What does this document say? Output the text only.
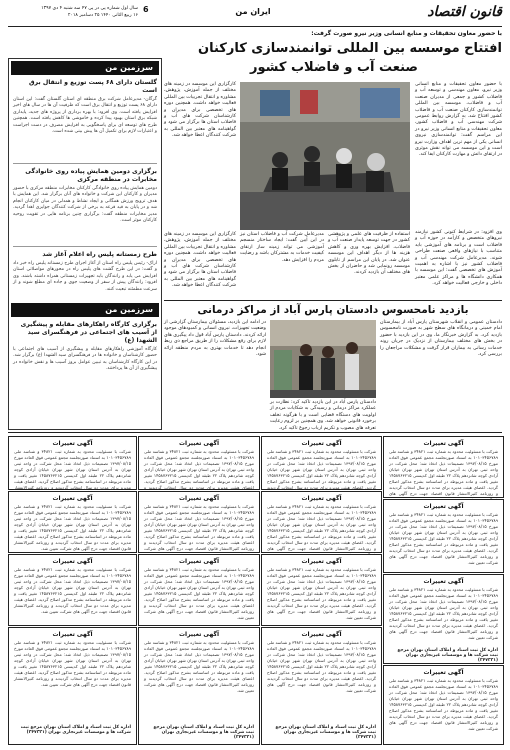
قانون اقتصاد
ایران من
سال اول شماره پی در پی ۴۷ سه شنبه ۴ دی ۱۳۹۷
۱۶ ربیع الثانی ۱۴۴۰ ۲۵ دسامبر ۲۰۱۸
6
سرزمین من
گلستان دارای ۶۸ پست توزیع و انتقال برق است
گرگان- مدیرعامل شرکت برق منطقه ای استان گلستان گفت: این استان دارای ۶۸ پست توزیع و انتقال برق است که ظرفیت آن ها در سال های اخیر افزایش یافته است. وی افزود: با بهره برداری از پروژه های جدید، پایداری شبکه برق استان بهبود پیدا کرده و خاموشی ها کاهش یافته است. همچنین طرح های توسعه ای برای پاسخگویی به افزایش مصرف در دست اجراست و اعتبارات لازم برای تکمیل آن ها پیش بینی شده است.
برگزاری دومین همایش پیاده روی خانوادگی مخابرات در منطقه مرکزی
دومین همایش پیاده روی خانوادگی کارکنان مخابرات منطقه مرکزی با حضور مدیران و کارکنان این شرکت و خانواده های آنان برگزار شد. این همایش با هدف ترویج ورزش همگانی و ایجاد نشاط و همدلی در میان کارکنان انجام شد و در پایان به قید قرعه به برخی از شرکت کنندگان جوایزی اهدا گردید. مدیر مخابرات منطقه گفت: برگزاری چنین برنامه هایی در تقویت روحیه کارکنان موثر است.
طرح زمستانه پلیس راه اعلام آغاز شد
اراک- رئیس پلیس راه استان از آغاز اجرای طرح زمستانه پلیس راه خبر داد و گفت: در این طرح گشت های پلیس راه در محورهای مواصلاتی استان افزایش می یابد و رانندگان باید تجهیزات زمستانی همراه داشته باشند. وی افزود: رانندگان پیش از سفر از وضعیت جوی و جاده ای مطلع شوند و از سرعت مطمئنه تبعیت کنند.
سرزمین من
برگزاری کارگاه راهکارهای مقابله و پیشگیری از آسیب های اجتماعی در فرهنگسرای سید الشهدا (ع)
کارگاه آموزشی راهکارهای مقابله و پیشگیری از آسیب های اجتماعی با حضور کارشناسان و خانواده ها در فرهنگسرای سید الشهدا (ع) برگزار شد. در این کارگاه کارشناسان به تبیین عوامل بروز آسیب ها و نقش خانواده در پیشگیری از آن ها پرداختند.
با حضور معاون تحقیقات و منابع انسانی وزیر نیرو صورت گرفت:
افتتاح موسسه بین المللی توانمندسازی کارکنان
صنعت آب و فاضلاب کشور
با حضور معاون تحقیقات و منابع انسانی وزیر نیرو، معاون مهندسی و توسعه آب و فاضلاب کشور و جمعی از مدیران صنعت آب و فاضلاب، موسسه بین المللی توانمندسازی کارکنان صنعت آب و فاضلاب کشور افتتاح شد. به گزارش روابط عمومی شرکت مهندسی آب و فاضلاب کشور، معاون تحقیقات و منابع انسانی وزیر نیرو در این مراسم گفت: توانمندسازی نیروی انسانی یکی از مهم ترین اهداف وزارت نیرو است و این موسسه می تواند نقش موثری در ارتقای دانش و مهارت کارکنان ایفا کند.
کارگزاری این موسسه در زمینه های مختلف از جمله آموزش، پژوهش، مشاوره و انتقال تجربیات بین المللی فعالیت خواهد داشت. همچنین دوره های تخصصی برای مدیران و کارشناسان شرکت های آب و فاضلاب استان ها برگزار می شود و گواهینامه های معتبر بین المللی به شرکت کنندگان اعطا خواهد شد.
وی افزود: در شرایط کنونی کشور نیازمند نیروهای متخصص و کارآمد در حوزه آب و فاضلاب است و برنامه های آموزشی باید متناسب با نیازهای واقعی صنعت طراحی شوند. مدیرعامل شرکت مهندسی آب و فاضلاب کشور نیز با اشاره به اهمیت آموزش های تخصصی گفت: این موسسه با همکاری دانشگاه ها و مراکز علمی معتبر داخلی و خارجی فعالیت خواهد کرد.
استفاده از ظرفیت های علمی و پژوهشی کشور در جهت توسعه پایدار صنعت آب و فاضلاب، افزایش بهره وری و کاهش هزینه ها از دیگر اهداف این موسسه عنوان شد. در پایان این مراسم از تابلوی موسسه رونمایی شد و حاضران از بخش های مختلف آن بازدید کردند.
مدیرعامل شرکت آب و فاضلاب استان نیز در این آیین گفت: ایجاد ساختار منسجم آموزشی می تواند زمینه ساز ارتقای کیفیت خدمات به مشترکان باشد و رضایت مردم را افزایش دهد.
کارگزاری این موسسه در زمینه های مختلف از جمله آموزش، پژوهش، مشاوره و انتقال تجربیات بین المللی فعالیت خواهد داشت. همچنین دوره های تخصصی برای مدیران و کارشناسان شرکت های آب و فاضلاب استان ها برگزار می شود و گواهینامه های معتبر بین المللی به شرکت کنندگان اعطا خواهد شد.
بازدید نامحسوس دادستان پارس آباد از مراکز درمانی
دادستان عمومی و انقلاب شهرستان پارس آباد از بیمارستان امام خمینی و درمانگاه های سطح شهر به صورت نامحسوس بازدید کرد. به گزارش خبرنگار ما، وی در این بازدید با حضور در بخش های مختلف بیمارستان از نزدیک در جریان روند خدمات رسانی به بیماران قرار گرفت و مشکلات مراجعان را بررسی کرد.
دادستان پارس آباد در این بازدید تاکید کرد: نظارت بر عملکرد مراکز درمانی و رسیدگی به شکایات مردم از اولویت های دستگاه قضایی است و با هرگونه تخلف برخورد قانونی خواهد شد. وی همچنین بر لزوم رعایت تعرفه های مصوب و تکریم ارباب رجوع تاکید کرد.
در ادامه این بازدید، مسئولان بیمارستان گزارشی از وضعیت تجهیزات، نیروی انسانی و کمبودهای موجود ارائه کردند. دادستان پارس آباد قول داد پیگیری های لازم برای رفع مشکلات را از طریق مراجع ذی ربط انجام دهد تا خدمات بهتری به مردم منطقه ارائه شود.
آگهی تغییرات
شرکت با مسئولیت محدود به شماره ثبت ۳۴۸۲۱ و شناسه ملی ۱۰۱۰۳۴۵۶۷۸۹ به استناد صورتجلسه مجمع عمومی فوق العاده مورخ ۱۳۹۷/۰۸/۱۵ تصمیمات ذیل اتخاذ شد: محل شرکت در واحد ثبتی تهران به آدرس استان تهران شهر تهران خیابان آزادی کوچه شانزدهم پلاک ۲۲ طبقه اول کدپستی ۱۴۵۸۷۶۳۲۱۵ تغییر یافت و ماده مربوطه در اساسنامه بشرح مذکور اصلاح گردید. اعضای هیئت مدیره برای مدت دو سال انتخاب گردیدند و روزنامه کثیرالانتشار قانون اقتصاد جهت درج آگهی های
آگهی تغییرات
شرکت با مسئولیت محدود به شماره ثبت ۳۴۸۲۱ و شناسه ملی ۱۰۱۰۳۴۵۶۷۸۹ به استناد صورتجلسه مجمع عمومی فوق العاده مورخ ۱۳۹۷/۰۸/۱۵ تصمیمات ذیل اتخاذ شد: محل شرکت در واحد ثبتی تهران به آدرس استان تهران شهر تهران خیابان آزادی کوچه شانزدهم پلاک ۲۲ طبقه اول کدپستی ۱۴۵۸۷۶۳۲۱۵ تغییر یافت و ماده مربوطه در اساسنامه بشرح مذکور اصلاح گردید. اعضای هیئت مدیره برای مدت دو سال انتخاب گردیدند
آگهی تغییرات
شرکت با مسئولیت محدود به شماره ثبت ۳۴۸۲۱ و شناسه ملی ۱۰۱۰۳۴۵۶۷۸۹ به استناد صورتجلسه مجمع عمومی فوق العاده مورخ ۱۳۹۷/۰۸/۱۵ تصمیمات ذیل اتخاذ شد: محل شرکت در واحد ثبتی تهران به آدرس استان تهران شهر تهران خیابان آزادی کوچه شانزدهم پلاک ۲۲ طبقه اول کدپستی ۱۴۵۸۷۶۳۲۱۵ تغییر یافت و ماده مربوطه در اساسنامه بشرح مذکور اصلاح گردید. اعضای هیئت مدیره برای مدت دو سال انتخاب گردیدند و
آگهی تغییرات
شرکت با مسئولیت محدود به شماره ثبت ۳۴۸۲۱ و شناسه ملی ۱۰۱۰۳۴۵۶۷۸۹ به استناد صورتجلسه مجمع عمومی فوق العاده مورخ ۱۳۹۷/۰۸/۱۵ تصمیمات ذیل اتخاذ شد: محل شرکت در واحد ثبتی تهران به آدرس استان تهران شهر تهران خیابان آزادی کوچه شانزدهم پلاک ۲۲ طبقه اول کدپستی ۱۴۵۸۷۶۳۲۱۵ تغییر یافت و ماده مربوطه در اساسنامه بشرح مذکور اصلاح گردید. اعضای هیئت مدیره برای مدت دو سال انتخاب گردیدند و روزنامه کثیرالانتشار
آگهی تغییرات
شرکت با مسئولیت محدود به شماره ثبت ۳۴۸۲۱ و شناسه ملی ۱۰۱۰۳۴۵۶۷۸۹ به استناد صورتجلسه مجمع عمومی فوق العاده مورخ ۱۳۹۷/۰۸/۱۵ تصمیمات ذیل اتخاذ شد: محل شرکت در واحد ثبتی تهران به آدرس استان تهران شهر تهران خیابان آزادی کوچه شانزدهم پلاک ۲۲ طبقه اول کدپستی ۱۴۵۸۷۶۳۲۱۵ تغییر یافت و ماده مربوطه در اساسنامه بشرح مذکور اصلاح گردید. اعضای هیئت مدیره برای مدت دو سال انتخاب گردیدند و روزنامه کثیرالانتشار قانون اقتصاد جهت درج آگهی های شرکت تعیین شد.
آگهی تغییرات
شرکت با مسئولیت محدود به شماره ثبت ۳۴۸۲۱ و شناسه ملی ۱۰۱۰۳۴۵۶۷۸۹ به استناد صورتجلسه مجمع عمومی فوق العاده مورخ ۱۳۹۷/۰۸/۱۵ تصمیمات ذیل اتخاذ شد: محل شرکت در واحد ثبتی تهران به آدرس استان تهران شهر تهران خیابان آزادی کوچه شانزدهم پلاک ۲۲ طبقه اول کدپستی ۱۴۵۸۷۶۳۲۱۵ تغییر یافت و ماده مربوطه در اساسنامه بشرح مذکور اصلاح گردید. اعضای هیئت مدیره برای مدت دو سال انتخاب گردیدند و روزنامه کثیرالانتشار قانون اقتصاد جهت درج آگهی های
آگهی تغییرات
شرکت با مسئولیت محدود به شماره ثبت ۳۴۸۲۱ و شناسه ملی ۱۰۱۰۳۴۵۶۷۸۹ به استناد صورتجلسه مجمع عمومی فوق العاده مورخ ۱۳۹۷/۰۸/۱۵ تصمیمات ذیل اتخاذ شد: محل شرکت در واحد ثبتی تهران به آدرس استان تهران شهر تهران خیابان آزادی کوچه شانزدهم پلاک ۲۲ طبقه اول کدپستی ۱۴۵۸۷۶۳۲۱۵ تغییر یافت و ماده مربوطه در اساسنامه بشرح مذکور اصلاح گردید. اعضای هیئت مدیره برای مدت دو سال انتخاب گردیدند و روزنامه کثیرالانتشار قانون اقتصاد جهت درج آگهی های شرکت
آگهی تغییرات
شرکت با مسئولیت محدود به شماره ثبت ۳۴۸۲۱ و شناسه ملی ۱۰۱۰۳۴۵۶۷۸۹ به استناد صورتجلسه مجمع عمومی فوق العاده مورخ ۱۳۹۷/۰۸/۱۵ تصمیمات ذیل اتخاذ شد: محل شرکت در واحد ثبتی تهران به آدرس استان تهران شهر تهران خیابان آزادی کوچه شانزدهم پلاک ۲۲ طبقه اول کدپستی ۱۴۵۸۷۶۳۲۱۵ تغییر یافت و ماده مربوطه در اساسنامه بشرح مذکور اصلاح گردید. اعضای هیئت مدیره برای مدت دو سال انتخاب گردیدند و روزنامه کثیرالانتشار قانون اقتصاد جهت درج آگهی های شرکت تعیین شد.
آگهی تغییرات
شرکت با مسئولیت محدود به شماره ثبت ۳۴۸۲۱ و شناسه ملی ۱۰۱۰۳۴۵۶۷۸۹ به استناد صورتجلسه مجمع عمومی فوق العاده مورخ ۱۳۹۷/۰۸/۱۵ تصمیمات ذیل اتخاذ شد: محل شرکت در واحد ثبتی تهران به آدرس استان تهران شهر تهران خیابان آزادی کوچه شانزدهم پلاک ۲۲ طبقه اول کدپستی ۱۴۵۸۷۶۳۲۱۵ تغییر یافت و ماده مربوطه در اساسنامه بشرح مذکور اصلاح گردید. اعضای هیئت مدیره برای مدت دو سال انتخاب گردیدند و روزنامه کثیرالانتشار قانون اقتصاد جهت درج آگهی های شرکت تعیین شد.
اداره کل ثبت اسناد و املاک استان تهران مرجع ثبت شرکت ها و موسسات غیرتجاری تهران (۲۴۷۳۲۱)
آگهی تغییرات
شرکت با مسئولیت محدود به شماره ثبت ۳۴۸۲۱ و شناسه ملی ۱۰۱۰۳۴۵۶۷۸۹ به استناد صورتجلسه مجمع عمومی فوق العاده مورخ ۱۳۹۷/۰۸/۱۵ تصمیمات ذیل اتخاذ شد: محل شرکت در واحد ثبتی تهران به آدرس استان تهران شهر تهران خیابان آزادی کوچه شانزدهم پلاک ۲۲ طبقه اول کدپستی ۱۴۵۸۷۶۳۲۱۵ تغییر یافت و ماده مربوطه در اساسنامه بشرح مذکور اصلاح گردید. اعضای هیئت مدیره برای مدت دو سال انتخاب گردیدند و روزنامه کثیرالانتشار قانون اقتصاد جهت درج آگهی های شرکت تعیین شد.
آگهی تغییرات
شرکت با مسئولیت محدود به شماره ثبت ۳۴۸۲۱ و شناسه ملی ۱۰۱۰۳۴۵۶۷۸۹ به استناد صورتجلسه مجمع عمومی فوق العاده مورخ ۱۳۹۷/۰۸/۱۵ تصمیمات ذیل اتخاذ شد: محل شرکت در واحد ثبتی تهران به آدرس استان تهران شهر تهران خیابان آزادی کوچه شانزدهم پلاک ۲۲ طبقه اول کدپستی ۱۴۵۸۷۶۳۲۱۵ تغییر یافت و ماده مربوطه در اساسنامه بشرح مذکور اصلاح گردید. اعضای هیئت مدیره برای مدت دو سال انتخاب گردیدند و روزنامه کثیرالانتشار قانون اقتصاد جهت درج آگهی های شرکت تعیین شد.
آگهی تغییرات
شرکت با مسئولیت محدود به شماره ثبت ۳۴۸۲۱ و شناسه ملی ۱۰۱۰۳۴۵۶۷۸۹ به استناد صورتجلسه مجمع عمومی فوق العاده مورخ ۱۳۹۷/۰۸/۱۵ تصمیمات ذیل اتخاذ شد: محل شرکت در واحد ثبتی تهران به آدرس استان تهران شهر تهران خیابان آزادی کوچه شانزدهم پلاک ۲۲ طبقه اول کدپستی ۱۴۵۸۷۶۳۲۱۵ تغییر یافت و ماده مربوطه در اساسنامه بشرح مذکور اصلاح گردید. اعضای هیئت مدیره برای مدت دو سال انتخاب گردیدند و روزنامه کثیرالانتشار قانون اقتصاد جهت درج آگهی های شرکت تعیین شد.
آگهی تغییرات
شرکت با مسئولیت محدود به شماره ثبت ۳۴۸۲۱ و شناسه ملی ۱۰۱۰۳۴۵۶۷۸۹ به استناد صورتجلسه مجمع عمومی فوق العاده مورخ ۱۳۹۷/۰۸/۱۵ تصمیمات ذیل اتخاذ شد: محل شرکت در واحد ثبتی تهران به آدرس استان تهران شهر تهران خیابان آزادی کوچه شانزدهم پلاک ۲۲ طبقه اول کدپستی ۱۴۵۸۷۶۳۲۱۵ تغییر یافت و ماده مربوطه در اساسنامه بشرح مذکور اصلاح گردید. اعضای هیئت مدیره برای مدت دو سال انتخاب گردیدند و روزنامه کثیرالانتشار قانون اقتصاد جهت درج آگهی های شرکت تعیین شد.
آگهی تغییرات
شرکت با مسئولیت محدود به شماره ثبت ۳۴۸۲۱ و شناسه ملی ۱۰۱۰۳۴۵۶۷۸۹ به استناد صورتجلسه مجمع عمومی فوق العاده مورخ ۱۳۹۷/۰۸/۱۵ تصمیمات ذیل اتخاذ شد: محل شرکت در واحد ثبتی تهران به آدرس استان تهران شهر تهران خیابان آزادی کوچه شانزدهم پلاک ۲۲ طبقه اول کدپستی ۱۴۵۸۷۶۳۲۱۵ تغییر یافت و ماده مربوطه در اساسنامه بشرح مذکور اصلاح گردید. اعضای هیئت مدیره برای مدت دو سال انتخاب گردیدند و روزنامه کثیرالانتشار قانون اقتصاد جهت درج آگهی های شرکت تعیین شد.
اداره کل ثبت اسناد و املاک استان تهران مرجع ثبت شرکت ها و موسسات غیرتجاری تهران (۲۴۷۳۲۱)
آگهی تغییرات
شرکت با مسئولیت محدود به شماره ثبت ۳۴۸۲۱ و شناسه ملی ۱۰۱۰۳۴۵۶۷۸۹ به استناد صورتجلسه مجمع عمومی فوق العاده مورخ ۱۳۹۷/۰۸/۱۵ تصمیمات ذیل اتخاذ شد: محل شرکت در واحد ثبتی تهران به آدرس استان تهران شهر تهران خیابان آزادی کوچه شانزدهم پلاک ۲۲ طبقه اول کدپستی ۱۴۵۸۷۶۳۲۱۵ تغییر یافت و ماده مربوطه در اساسنامه بشرح مذکور اصلاح گردید. اعضای هیئت مدیره برای مدت دو سال انتخاب گردیدند و روزنامه کثیرالانتشار قانون اقتصاد جهت درج آگهی های شرکت تعیین شد.
اداره کل ثبت اسناد و املاک استان تهران مرجع ثبت شرکت ها و موسسات غیرتجاری تهران (۲۴۷۳۲۱)
آگهی تغییرات
شرکت با مسئولیت محدود به شماره ثبت ۳۴۸۲۱ و شناسه ملی ۱۰۱۰۳۴۵۶۷۸۹ به استناد صورتجلسه مجمع عمومی فوق العاده مورخ ۱۳۹۷/۰۸/۱۵ تصمیمات ذیل اتخاذ شد: محل شرکت در واحد ثبتی تهران به آدرس استان تهران شهر تهران خیابان آزادی کوچه شانزدهم پلاک ۲۲ طبقه اول کدپستی ۱۴۵۸۷۶۳۲۱۵ تغییر یافت و ماده مربوطه در اساسنامه بشرح مذکور اصلاح گردید. اعضای هیئت مدیره برای مدت دو سال انتخاب گردیدند و روزنامه کثیرالانتشار قانون اقتصاد جهت درج آگهی های شرکت تعیین شد.
اداره کل ثبت اسناد و املاک استان تهران مرجع ثبت شرکت ها و موسسات غیرتجاری تهران (۲۴۷۳۲۱)
